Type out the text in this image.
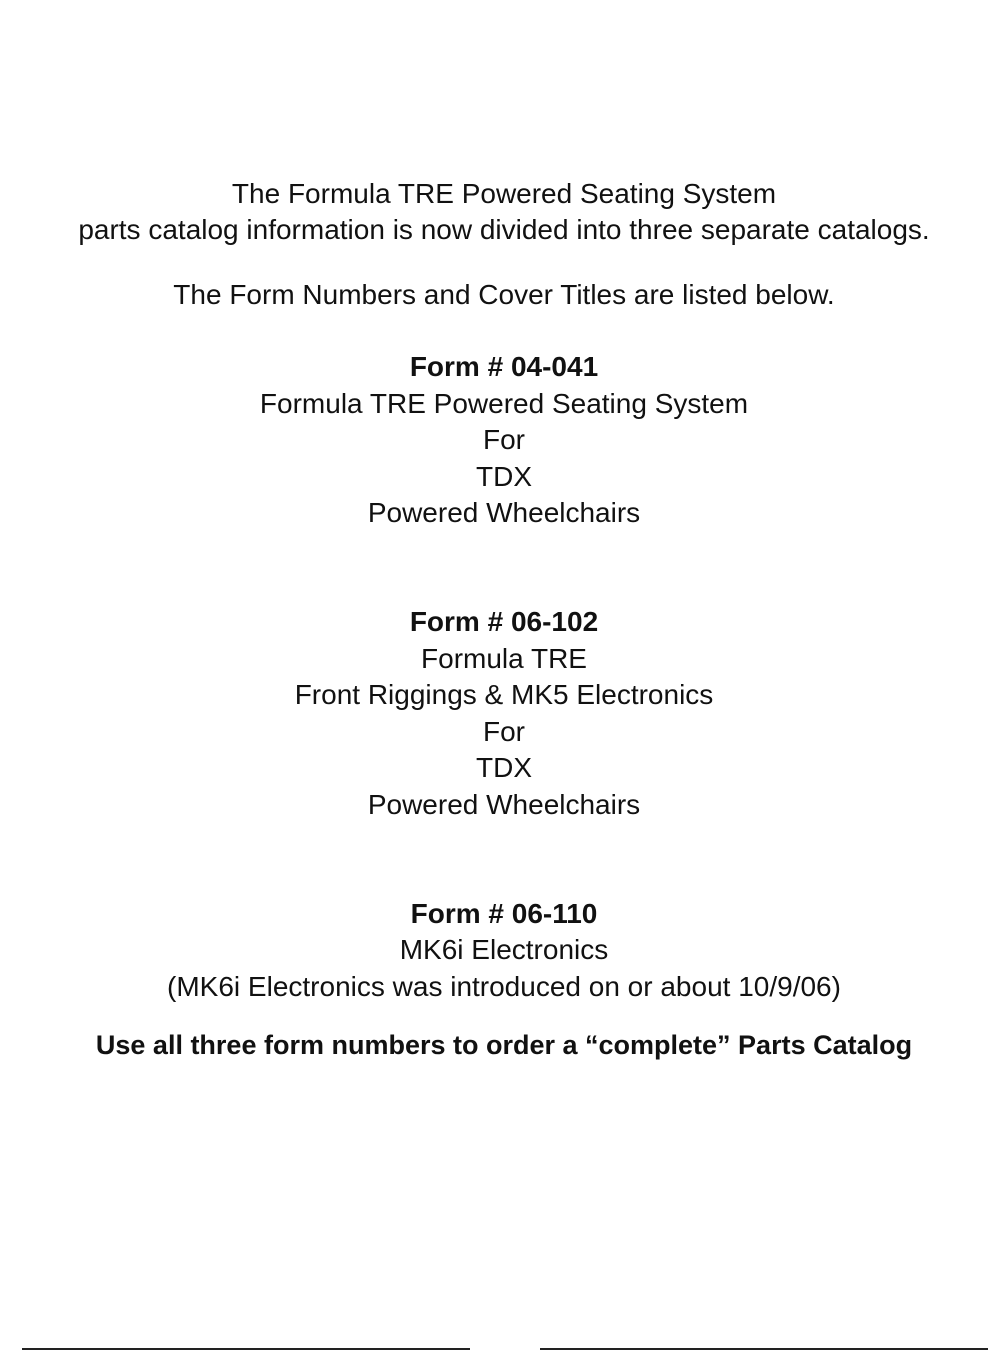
The Formula TRE Powered Seating System
parts catalog information is now divided into three separate catalogs.
The Form Numbers and Cover Titles are listed below.
Form # 04-041
Formula TRE Powered Seating System
For
TDX
Powered Wheelchairs
Form # 06-102
Formula TRE
Front Riggings & MK5 Electronics
For
TDX
Powered Wheelchairs
Form # 06-110
MK6i Electronics
(MK6i Electronics was introduced on or about 10/9/06)
Use all three form numbers to order a “complete” Parts Catalog
